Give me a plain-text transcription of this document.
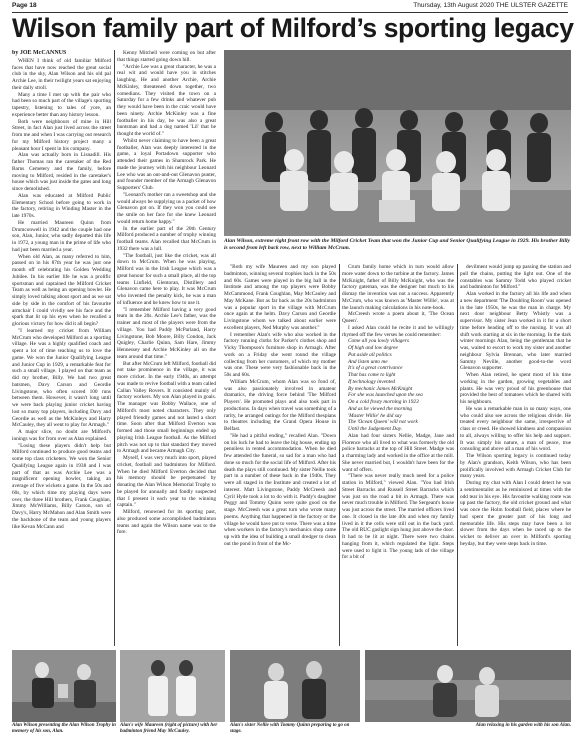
Page 18	Thursday, 13th August 2020 THE ULSTER GAZETTE
Wilson family part of Milford’s sporting legacy

by JOE McCANNUS

WHEN I think of old familiar Milford faces that have now reached the great social club in the sky, Alan Wilson and his old pal Archie Lee, in their twilight years sat enjoying their daily stroll.

Many a time I met up with the pair who had been so much part of the village's sporting tapestry, listening to tales of yore, an experience better than any history lesson.

Both were neighbours of mine in Hill Street, in fact Alan just lived across the street from me and when I was carrying out research for my Milford history project many a pleasant hour I spent in his company.

Alan was actually born in Lisnadill. His father Thomas ran the caretaker of the Red Barns Cemetery and the family, before moving to Milford, resided in the caretaker's house which was just inside the gates and long since demolished.

Alan was educated at Milford Public Elementary School before going to work in the factory, retiring in Winding Master in the late 1970s.

He married Maureen Quinn from Drumconwell in 1942 and the couple had one son, Alan, Junior, who sadly departed this life in 1972, a young man in the prime of life who had just been married a year.

When old Alan, as many referred to him, passed on in his 87th year he was just one month off celebrating his Golden Wedding Jubilee. In his earlier life he was a prolific sportsman and captained the Milford Cricket Team as well as being an opening bowler. He simply loved talking about sport and as we sat side by side in the comfort of his favourite armchair I could vividly see his face and the spark that lit up his eyes when he recalled a glorious victory for how did it all begin?

"I learned my cricket from William McCrum who developed Milford as a sporting village. He was a highly qualified coach and spent a lot of time teaching us to love the game. We won the Junior Qualifying League and Junior Cup in 1929, a remarkable feat for such a small village. I played on that team as did my brother, Billy. We had two great batsmen, Davy Carson and Geordie Livingstone, who often scored 100 runs between them. However, it wasn't long until we were back playing junior cricket having lost so many top players, including Davy and Geordie as well as the McKinleys and Harry McCauley, they all went to play for Armagh."

A major slice, no doubt are Milford's innings was for from over as Alan explained.

"Losing these players didn't help but Milford continued to produce good teams and some top class cricketers. We won the Senior Qualifying League again in 1938 and I was part of that as was Archie Lee was a magnificent opening bowler, taking an average of five wickets a game. In the 50s and 60s, by which time my playing days were over, the three Hill brothers, Frank Coughlan, Jimmy McWilliams, Billy Carson, son of Davy's, Harry McMahon and Alan Smith were the backbone of the team and young players like Kevan McCann and

Kenny Mitchell were coming on but after that things started going down hill.

"Archie Lee was a great character, he was a real wit and would have you in stitches laughing. He and another Archie, Archie McKinley, threatened down together, two comedians. They visited the town on a Saturday for a few drinks and whatever pub they would have been in the craic would have been ninety. Archie McKinley was a fine footballer in his day, he was also a great huntsman and had a dog named 'Lil' that he thought the world of."

Whilst never claiming to have been a great footballer, Alan was deeply interested in the game, a loyal Portadown supporter who attended their games in Shamrock Park. He made the journey with his neighbour Leonard Lee who was an out-and-out Glenavon punter, and founder member of the Armagh Glenavon Supporters' Club.

"Leonard's mother ran a sweetshop and she would always be supplying us a packet of how Glenavon got on. If they won you could see the smile on her face for she knew Leonard would return home happy."

In the earlier part of the 20th Century Milford produced a number of trophy winning football teams. Alan recalled that McCrum in 1932 there was a lull.

"The football, just like the cricket, was all down to McCrum. When he was playing, Milford was in the Irish League which was a great honour for such a small place, all the top teams Linfield, Glentoran, Distillery and Glenavon came here to play. It was McCrum who invented the penalty kick, he was a man of influence and he knew how to use it.

"I remember Milford having a very good team in the 20s. Archie Lee's father, was the trainer and most of the players were from the village. You had Paddy McParland, Harry Livingstone, Bob Moore, Billy Condon, Jack Quigley, Charlie Quinn, Sam Hare, Jimmy Hennessey and Archie McKinley all on the team around that time."

But after McCrum left Milford, football did not take prominence in the village, it was more cricket. In the early 1940s, an attempt was made to revive football with a team called Callan Valley Rovers. It consisted mainly of factory workers. My son Alan played in goals. The manager was Bobby Wallace, one of Milford's most noted characters. They only played friendly games and not lasted a short time. Soon after that Milford Everton was formed and those small beginnings ended up playing Irish League football. As the Milford pitch was not up to that standard they moved to Armagh and became Armagh City.

Myself, I was very much into sport, played cricket, football and badminton for Milford. When he died Milford Everton decided that his memory should be perpetuated by donating the Alan Wilson Memorial Trophy to be played for annually and fondly suspected that I present it each year to the winning captain."

Milford, renowned for its sporting past, also produced some accomplished badminton teams and again the Wilson name was to the fore.

Alan Wilson, extreme right front row with the Milford Cricket Team that won the Junior Cup and Senior Qualifying League in 1929. His brother Billy is second from left back row, next to William McCrum.

"Both my wife Maureen and my son played badminton, winning several trophies back in the 50s and 60s. Games were played in the big hall in the Institute and among the top players were Bobby McCammond, Frank Coughlan, May McCauley and May McKane. But as far back as the 20s badminton was a popular sport in the village with McCrum once again at the helm. Davy Carson and Geordie Livingstone whom we talked about earlier were excellent players, Ned Murphy was another."

I remember Alan's wife who also worked in the factory running cloths for Parker's clothes shop and Vicky Thompson's furniture shop in Armagh. After work on a Friday she went round the village collecting from her customers, of which my mother was one. These were very fashionable back in the 50s and 60s.

William McCrum, whom Alan was so fond of, was also passionately involved in amateur dramatics, the driving force behind 'The Milford Players'. He promoted plays and also took part in productions. In days when travel was something of a rarity, he arranged outings for the Milford thespians to theatres including the Grand Opera House in Belfast.

"He had a pitiful ending," recalled Alan. "Down on his luck he had to leave the big house, ending up penniless in rented accommodation. When he died few attended the funeral, so sad for a man who had done so much for the social life of Milford. After his death the plays still continued. My sister Nellie took part in a number of these back in the 1940s. They were all staged in the Institute and created a lot of interest. Matt Livingstone, Paddy McCreesh and Cyril Hyde took a lot to do with it. Paddy's daughter Peggy and Tommy Quinn were quite good on the stage. McCreesh was a great turn who wrote many poems. Anything that happened in the factory or the village he would have put to verse. There was a time when workers in the factory's mechanics shop came up with the idea of building a small dredger to clean out the pond in front of the Mc-

Crum family home which in turn would allow more water down to the turbine at the factory. James McKnight, father of Billy McKnight, who was the factory gateman, was the designer but much to his dismay the invention was not a success. Apparently McCrum, who was known as 'Master Willie', was at the launch making calculations in his note-book.

McCreesh wrote a poem about it, 'The Ocean Queen'.

I asked Alan could he recite it and he willingly rhymed off the few verses he could remember:

Come all you lowly villagers

Of high and low degree

Put aside all politics

And listen unto me

It's of a great contrivance

That has come to light

If technology invented

By mechanic James McKnight

For she was launched upon the sea

On a cold frosty morning in 1923

And as he viewed the morning

'Master Willie' he did say

The 'Ocean Queen' will not work

Until the Judgement Day.

Alan had four sisters Nellie, Madge, Jane and Florence who all lived to what was formerly the old police barracks at the top of Hill Street. Madge was a charming lady and worked in the office at the mill. She never married but, I wouldn't have been for the want of offers.

"There was never really much need for a police station in Milford," viewed Alan. "You had Irish Street Barracks and Russell Street Barracks which was just on the road a bit in Armagh. There was never much trouble in Milford. The Sergeant's house was just across the street. The married officers lived one. It closed in the late 40s and when my family lived in it the cells were still out in the back yard. The old RUC gaslight sign hung just above the door. It had to be lit at night. There were two chains hanging from it, which regulated the light. Steps were used to light it. The young lads of the village for a bit of

devilment would jump up passing the station and pull the chains, putting the light out. One of the constables was Sammy Todd who played cricket and badminton for Milford."

Alan worked in the factory all his life and when a new department 'The Doubling Room' was opened in the late 1950s, he was the man in charge. My next door neighbour Betty Whistly was a supervisor. My sister Jean worked in it for a short time before heading off to the nursing. It was all shift work starting at six in the morning. In the dark winter mornings Alan, being the gentleman that he was, waited to escort to work my sister and another neighbour Sylvia Brennan, who later married Sammy Neville, another good-to-the word Glenavon supporter.

When Alan retired, he spent most of his time working in the garden, growing vegetables and plants. He was very proud of his greenhouse that provided the best of tomatoes which he shared with his neighbours.

He was a remarkable man in so many ways, one who could also see across the religious divide. He treated every neighbour the same, irrespective of class or creed. He showed kindness and compassion to all, always willing to offer his help and support. It was simply his nature, a man of peace, true consoling and above all a man of his word.

The Wilson sporting legacy is continued today by Alan's grandson, Keith Wilson, who has been prolifically involved with Armagh Cricket Club for many years.

During my chat with Alan I could detect he was a sentimentalist as he reminisced at times with the odd tear in his eye. His favourite walking route was up past the factory, the old cricket ground and what was once the Holm football field, places where he had spent the greater part of his long and memorable life. His steps may have been a lot slower from the days when he raced up to the wicket to deliver an over in Milford's sporting heyday, but they were steps back in time.

Alan Wilson presenting the Alan Wilson Trophy in memory of his son, Alan.
Alan's wife Maureen (right of picture) with her badminton friend May McCauley.
Alan's sister Nellie with Tommy Quinn preparing to go on stage.
Alan relaxing in his garden with his son Alan.
